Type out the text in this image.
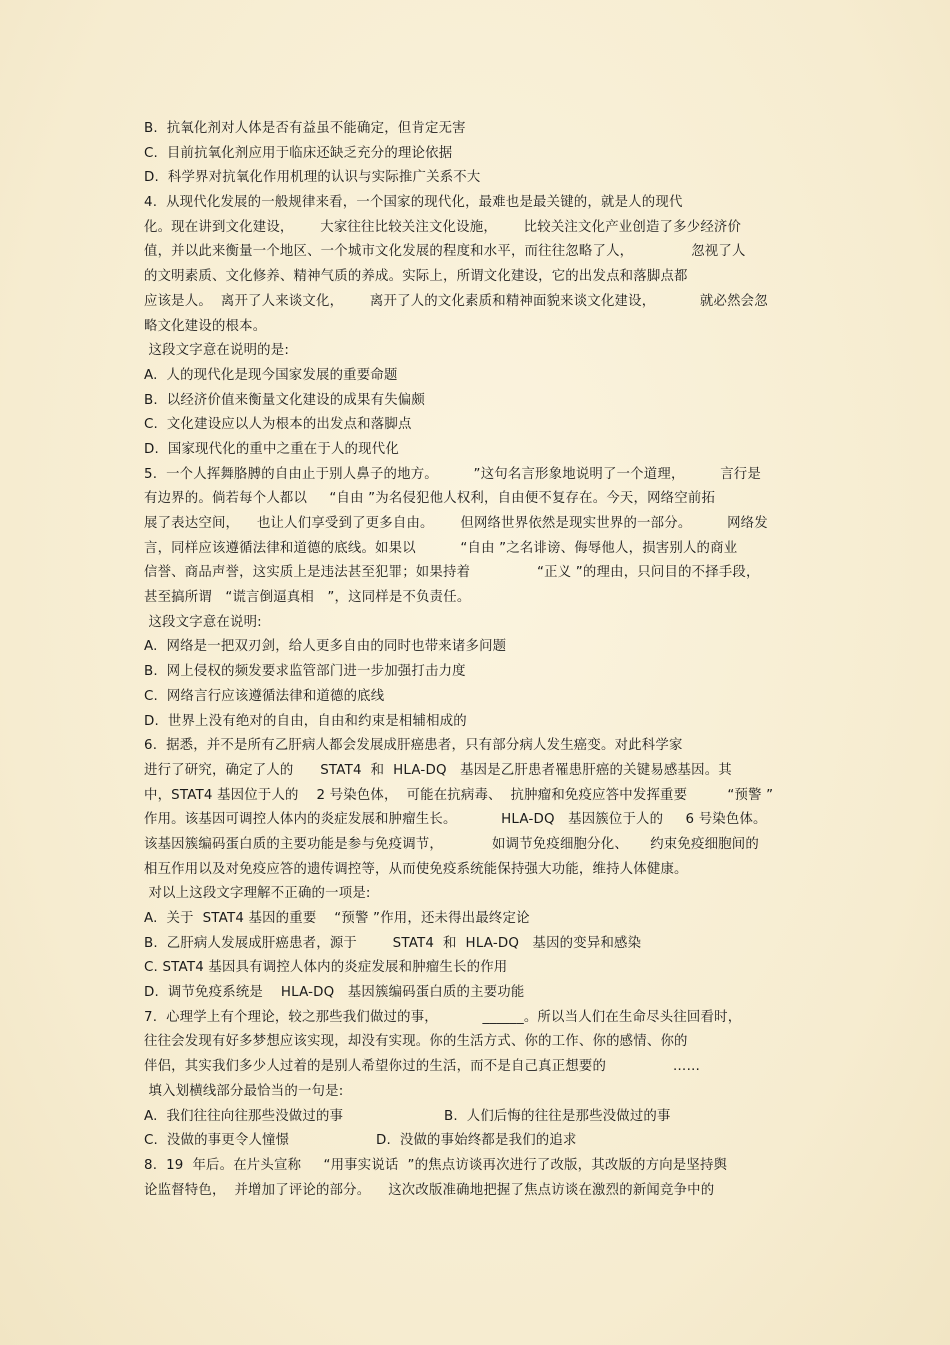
B.  抗氧化剂对人体是否有益虽不能确定，但肯定无害
C.  目前抗氧化剂应用于临床还缺乏充分的理论依据
D.  科学界对抗氧化作用机理的认识与实际推广关系不大
4.  从现代化发展的一般规律来看，一个国家的现代化，最难也是最关键的，就是人的现代
化。现在讲到文化建设，      大家往往比较关注文化设施，      比较关注文化产业创造了多少经济价
值，并以此来衡量一个地区、一个城市文化发展的程度和水平，而往往忽略了人，             忽视了人
的文明素质、文化修养、精神气质的养成。实际上，所谓文化建设，它的出发点和落脚点都
应该是人。  离开了人来谈文化，      离开了人的文化素质和精神面貌来谈文化建设，          就必然会忽
略文化建设的根本。
这段文字意在说明的是:
A.  人的现代化是现今国家发展的重要命题
B.  以经济价值来衡量文化建设的成果有失偏颇
C.  文化建设应以人为根本的出发点和落脚点
D.  国家现代化的重中之重在于人的现代化
5.  一个人挥舞胳膊的自由止于别人鼻子的地方。        ”这句名言形象地说明了一个道理，        言行是
有边界的。倘若每个人都以     “自由 ”为名侵犯他人权利，自由便不复存在。今天，网络空前拓
展了表达空间，    也让人们享受到了更多自由。      但网络世界依然是现实世界的一部分。        网络发
言，同样应该遵循法律和道德的底线。如果以          “自由 ”之名诽谤、侮辱他人，损害别人的商业
信誉、商品声誉，这实质上是违法甚至犯罪；如果持着               “正义 ”的理由，只问目的不择手段，
甚至搞所谓   “谎言倒逼真相   ”，这同样是不负责任。
这段文字意在说明:
A.  网络是一把双刃剑，给人更多自由的同时也带来诸多问题
B.  网上侵权的频发要求监管部门进一步加强打击力度
C.  网络言行应该遵循法律和道德的底线
D.  世界上没有绝对的自由，自由和约束是相辅相成的
6.  据悉，并不是所有乙肝病人都会发展成肝癌患者，只有部分病人发生癌变。对此科学家
进行了研究，确定了人的      STAT4  和  HLA-DQ   基因是乙肝患者罹患肝癌的关键易感基因。其
中，STAT4 基因位于人的    2 号染色体，  可能在抗病毒、  抗肿瘤和免疫应答中发挥重要         “预警 ”
作用。该基因可调控人体内的炎症发展和肿瘤生长。          HLA-DQ   基因簇位于人的     6 号染色体。
该基因簇编码蛋白质的主要功能是参与免疫调节，           如调节免疫细胞分化、     约束免疫细胞间的
相互作用以及对免疫应答的遗传调控等，从而使免疫系统能保持强大功能，维持人体健康。
对以上这段文字理解不正确的一项是:
A.  关于  STAT4 基因的重要    “预警 ”作用，还未得出最终定论
B.  乙肝病人发展成肝癌患者，源于        STAT4  和  HLA-DQ   基因的变异和感染
C. STAT4 基因具有调控人体内的炎症发展和肿瘤生长的作用
D.  调节免疫系统是    HLA-DQ   基因簇编码蛋白质的主要功能
7.  心理学上有个理论，较之那些我们做过的事，          ______。所以当人们在生命尽头往回看时，
往往会发现有好多梦想应该实现，却没有实现。你的生活方式、你的工作、你的感情、你的
伴侣，其实我们多少人过着的是别人希望你过的生活，而不是自己真正想要的               ……
填入划横线部分最恰当的一句是:
A.  我们往往向往那些没做过的事	B.  人们后悔的往往是那些没做过的事
C.  没做的事更令人憧憬	D.  没做的事始终都是我们的追求
8.  19  年后。在片头宣称     “用事实说话  ”的焦点访谈再次进行了改版，其改版的方向是坚持舆
论监督特色，  并增加了评论的部分。    这次改版准确地把握了焦点访谈在激烈的新闻竞争中的
